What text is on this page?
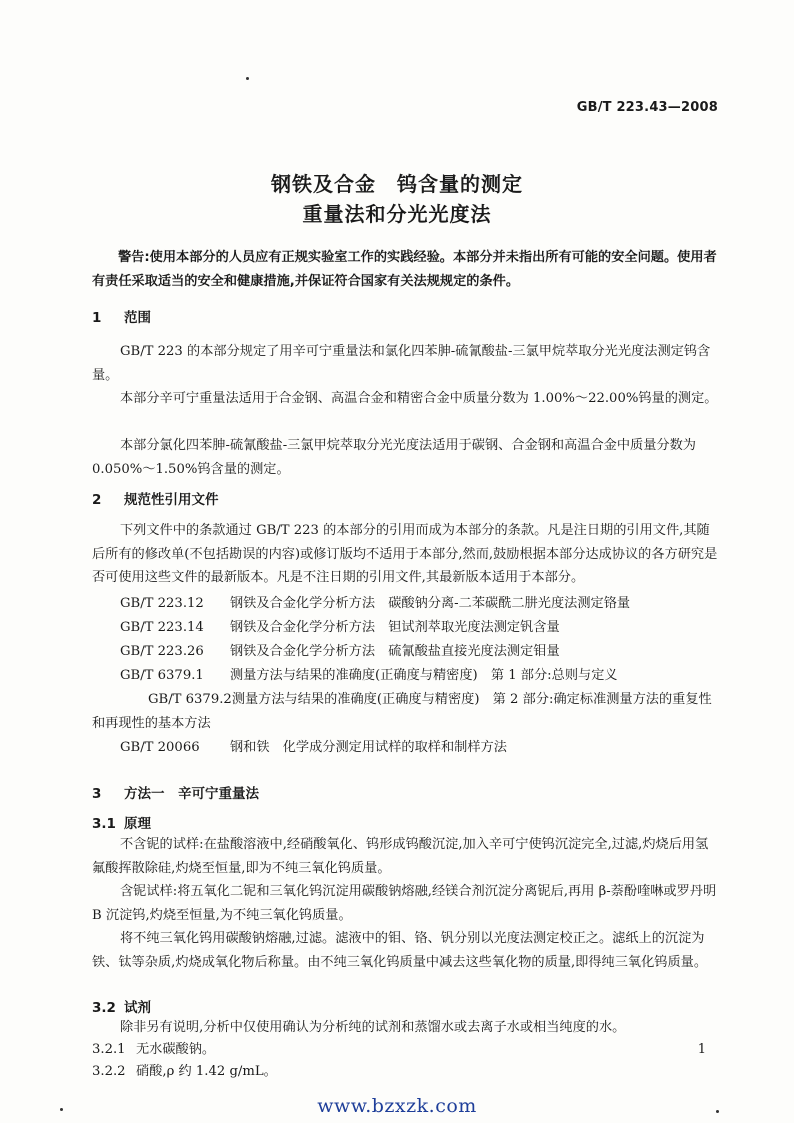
GB/T 223.43—2008
钢铁及合金　钨含量的测定
重量法和分光光度法
警告:使用本部分的人员应有正规实验室工作的实践经验。本部分并未指出所有可能的安全问题。使用者有责任采取适当的安全和健康措施,并保证符合国家有关法规规定的条件。
1 范围
GB/T 223 的本部分规定了用辛可宁重量法和氯化四苯胂-硫氰酸盐-三氯甲烷萃取分光光度法测定钨含量。
本部分辛可宁重量法适用于合金钢、高温合金和精密合金中质量分数为 1.00%～22.00%钨量的测定。
本部分氯化四苯胂-硫氰酸盐-三氯甲烷萃取分光光度法适用于碳钢、合金钢和高温合金中质量分数为 0.050%～1.50%钨含量的测定。
2 规范性引用文件
下列文件中的条款通过 GB/T 223 的本部分的引用而成为本部分的条款。凡是注日期的引用文件,其随后所有的修改单(不包括勘误的内容)或修订版均不适用于本部分,然而,鼓励根据本部分达成协议的各方研究是否可使用这些文件的最新版本。凡是不注日期的引用文件,其最新版本适用于本部分。
GB/T 223.12 钢铁及合金化学分析方法　碳酸钠分离-二苯碳酰二肼光度法测定铬量
GB/T 223.14 钢铁及合金化学分析方法　钽试剂萃取光度法测定钒含量
GB/T 223.26 钢铁及合金化学分析方法　硫氰酸盐直接光度法测定钼量
GB/T 6379.1 测量方法与结果的准确度(正确度与精密度)　第 1 部分:总则与定义
GB/T 6379.2测量方法与结果的准确度(正确度与精密度)　第 2 部分:确定标准测量方法的重复性和再现性的基本方法
GB/T 20066 钢和铁　化学成分测定用试样的取样和制样方法
3 方法一　辛可宁重量法
3.1 原理
不含铌的试样:在盐酸溶液中,经硝酸氧化、钨形成钨酸沉淀,加入辛可宁使钨沉淀完全,过滤,灼烧后用氢氟酸挥散除硅,灼烧至恒量,即为不纯三氧化钨质量。
含铌试样:将五氧化二铌和三氧化钨沉淀用碳酸钠熔融,经镁合剂沉淀分离铌后,再用 β-萘酚喹啉或罗丹明 B 沉淀钨,灼烧至恒量,为不纯三氧化钨质量。
将不纯三氧化钨用碳酸钠熔融,过滤。滤液中的钼、铬、钒分别以光度法测定校正之。滤纸上的沉淀为铁、钛等杂质,灼烧成氧化物后称量。由不纯三氧化钨质量中减去这些氧化物的质量,即得纯三氧化钨质量。
3.2 试剂
除非另有说明,分析中仅使用确认为分析纯的试剂和蒸馏水或去离子水或相当纯度的水。
3.2.1 无水碳酸钠。
3.2.2 硝酸,ρ 约 1.42 g/mL。
1
www.bzxzk.com
